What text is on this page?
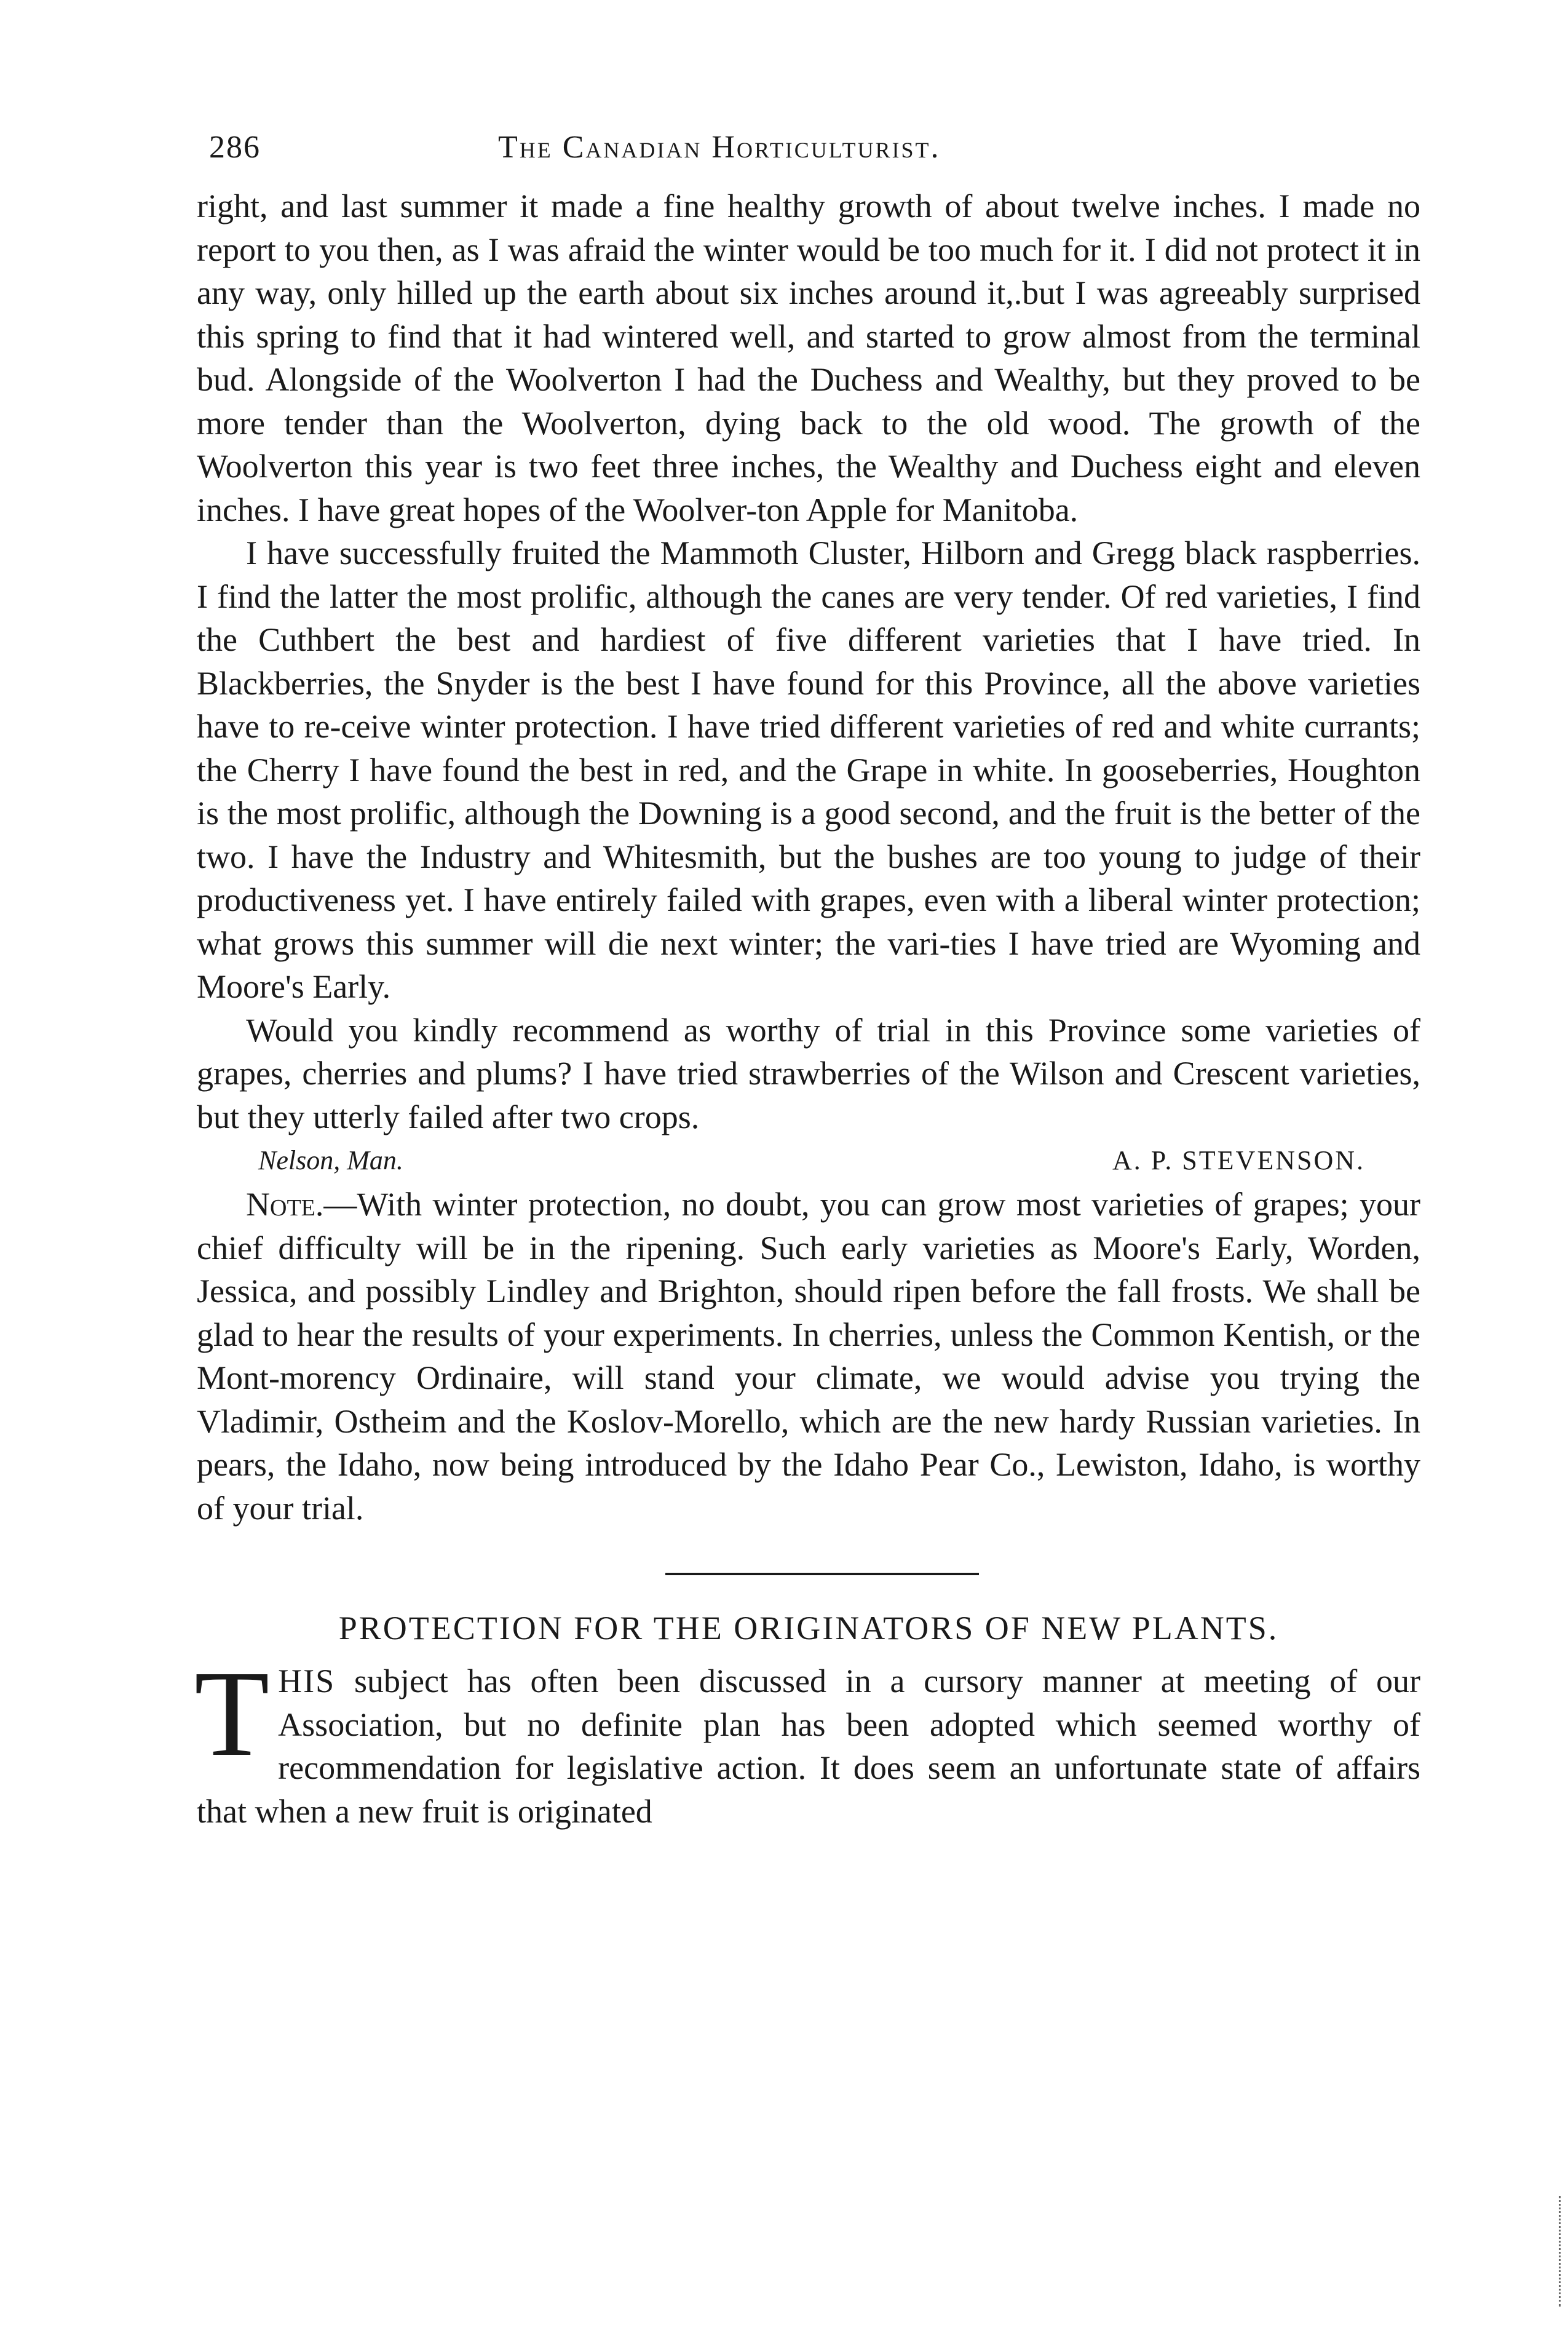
286	The Canadian Horticulturist.

right, and last summer it made a fine healthy growth of about twelve inches. I made no report to you then, as I was afraid the winter would be too much for it. I did not protect it in any way, only hilled up the earth about six inches around it,.but I was agreeably surprised this spring to find that it had wintered well, and started to grow almost from the terminal bud. Alongside of the Woolverton I had the Duchess and Wealthy, but they proved to be more tender than the Woolverton, dying back to the old wood. The growth of the Woolverton this year is two feet three inches, the Wealthy and Duchess eight and eleven inches. I have great hopes of the Woolver-ton Apple for Manitoba.

I have successfully fruited the Mammoth Cluster, Hilborn and Gregg black raspberries. I find the latter the most prolific, although the canes are very tender. Of red varieties, I find the Cuthbert the best and hardiest of five different varieties that I have tried. In Blackberries, the Snyder is the best I have found for this Province, all the above varieties have to re-ceive winter protection. I have tried different varieties of red and white currants; the Cherry I have found the best in red, and the Grape in white. In gooseberries, Houghton is the most prolific, although the Downing is a good second, and the fruit is the better of the two. I have the Industry and Whitesmith, but the bushes are too young to judge of their productiveness yet. I have entirely failed with grapes, even with a liberal winter protection; what grows this summer will die next winter; the vari-ties I have tried are Wyoming and Moore's Early.

Would you kindly recommend as worthy of trial in this Province some varieties of grapes, cherries and plums? I have tried strawberries of the Wilson and Crescent varieties, but they utterly failed after two crops.

Nelson, Man.	A. P. STEVENSON.

Note.—With winter protection, no doubt, you can grow most varieties of grapes; your chief difficulty will be in the ripening. Such early varieties as Moore's Early, Worden, Jessica, and possibly Lindley and Brighton, should ripen before the fall frosts. We shall be glad to hear the results of your experiments. In cherries, unless the Common Kentish, or the Mont-morency Ordinaire, will stand your climate, we would advise you trying the Vladimir, Ostheim and the Koslov-Morello, which are the new hardy Russian varieties. In pears, the Idaho, now being introduced by the Idaho Pear Co., Lewiston, Idaho, is worthy of your trial.

PROTECTION FOR THE ORIGINATORS OF NEW PLANTS.
THIS subject has often been discussed in a cursory manner at meeting of our Association, but no definite plan has been adopted which seemed worthy of recommendation for legislative action. It does seem an unfortunate state of affairs that when a new fruit is originated
